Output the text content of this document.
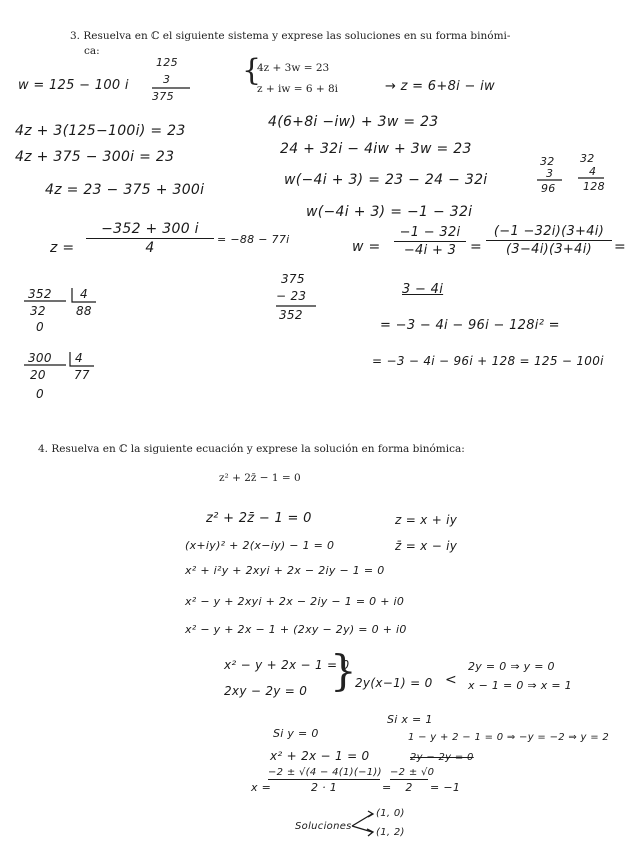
3. Resuelva en ℂ el siguiente sistema y exprese las soluciones en su forma binómi-
ca:
{
4z + 3w = 23
z + iw = 6 + 8i	→ z = 6+8i − iw
w = 125 − 100 i
125
3
375
4z + 3(125−100i) = 23
4z + 375 − 300i = 23
4z = 23 − 375 + 300i
z =
−352 + 300 i
4
= −88 − 77i
352 4
32	88
0
300 4
20 77
0
375
− 23
352
4(6+8i −iw) + 3w = 23
24 + 32i − 4iw + 3w = 23
w(−4i + 3) = 23 − 24 − 32i
w(−4i + 3) = −1 − 32i
w =
−1 − 32i
−4i + 3 =
(−1 −32i)(3+4i)
(3−4i)(3+4i)	=
3 − 4i
= −3 − 4i − 96i − 128i² =
= −3 − 4i − 96i + 128 = 125 − 100i
32
3
96
32
4
128
4. Resuelva en ℂ la siguiente ecuación y exprese la solución en forma binómica:
z² + 2z̄ − 1 = 0
z² + 2z̄ − 1 = 0
(x+iy)² + 2(x−iy) − 1 = 0
x² + i²y + 2xyi + 2x − 2iy − 1 = 0
x² − y + 2xyi + 2x − 2iy − 1 = 0 + i0
x² − y + 2x − 1 + (2xy − 2y) = 0 + i0
z = x + iy
z̄ = x − iy
x² − y + 2x − 1 = 0
2xy − 2y = 0 }
2y(x−1) = 0 <
2y = 0 ⇒ y = 0
x − 1 = 0 ⇒ x = 1
Si y = 0
x² + 2x − 1 = 0
x =
−2 ± √(4 − 4(1)(−1))
2 · 1	=
−2 ± √0
2	= −1
Si x = 1
1 − y + 2 − 1 = 0 ⇒ −y = −2 ⇒ y = 2
2y − 2y = 0
Soluciones
(1, 0)
(1, 2)
